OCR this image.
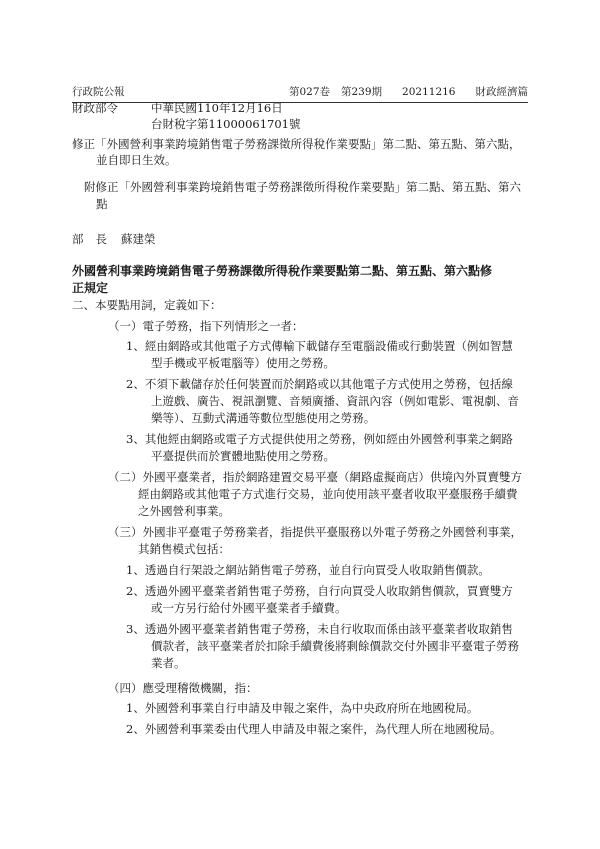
行政院公報	第027卷 第239期 20211216 財政經濟篇
財政部令	中華民國110年12月16日
台財稅字第11000061701號
修正「外國營利事業跨境銷售電子勞務課徵所得稅作業要點」第二點、第五點、第六點，
並自即日生效。
附修正「外國營利事業跨境銷售電子勞務課徵所得稅作業要點」第二點、第五點、第六
點
部長 蘇建榮
外國營利事業跨境銷售電子勞務課徵所得稅作業要點第二點、第五點、第六點修
正規定
二、本要點用詞，定義如下：
（一）電子勞務，指下列情形之一者：
1、經由網路或其他電子方式傳輸下載儲存至電腦設備或行動裝置（例如智慧
型手機或平板電腦等）使用之勞務。
2、不須下載儲存於任何裝置而於網路或以其他電子方式使用之勞務，包括線
上遊戲、廣告、視訊瀏覽、音頻廣播、資訊內容（例如電影、電視劇、音
樂等）、互動式溝通等數位型態使用之勞務。
3、其他經由網路或電子方式提供使用之勞務，例如經由外國營利事業之網路
平臺提供而於實體地點使用之勞務。
（二）外國平臺業者，指於網路建置交易平臺（網路虛擬商店）供境內外買賣雙方
經由網路或其他電子方式進行交易，並向使用該平臺者收取平臺服務手續費
之外國營利事業。
（三）外國非平臺電子勞務業者，指提供平臺服務以外電子勞務之外國營利事業，
其銷售模式包括：
1、透過自行架設之網站銷售電子勞務，並自行向買受人收取銷售價款。
2、透過外國平臺業者銷售電子勞務，自行向買受人收取銷售價款，買賣雙方
或一方另行給付外國平臺業者手續費。
3、透過外國平臺業者銷售電子勞務，未自行收取而係由該平臺業者收取銷售
價款者，該平臺業者於扣除手續費後將剩餘價款交付外國非平臺電子勞務
業者。
（四）應受理稽徵機關，指：
1、外國營利事業自行申請及申報之案件，為中央政府所在地國稅局。
2、外國營利事業委由代理人申請及申報之案件，為代理人所在地國稅局。
